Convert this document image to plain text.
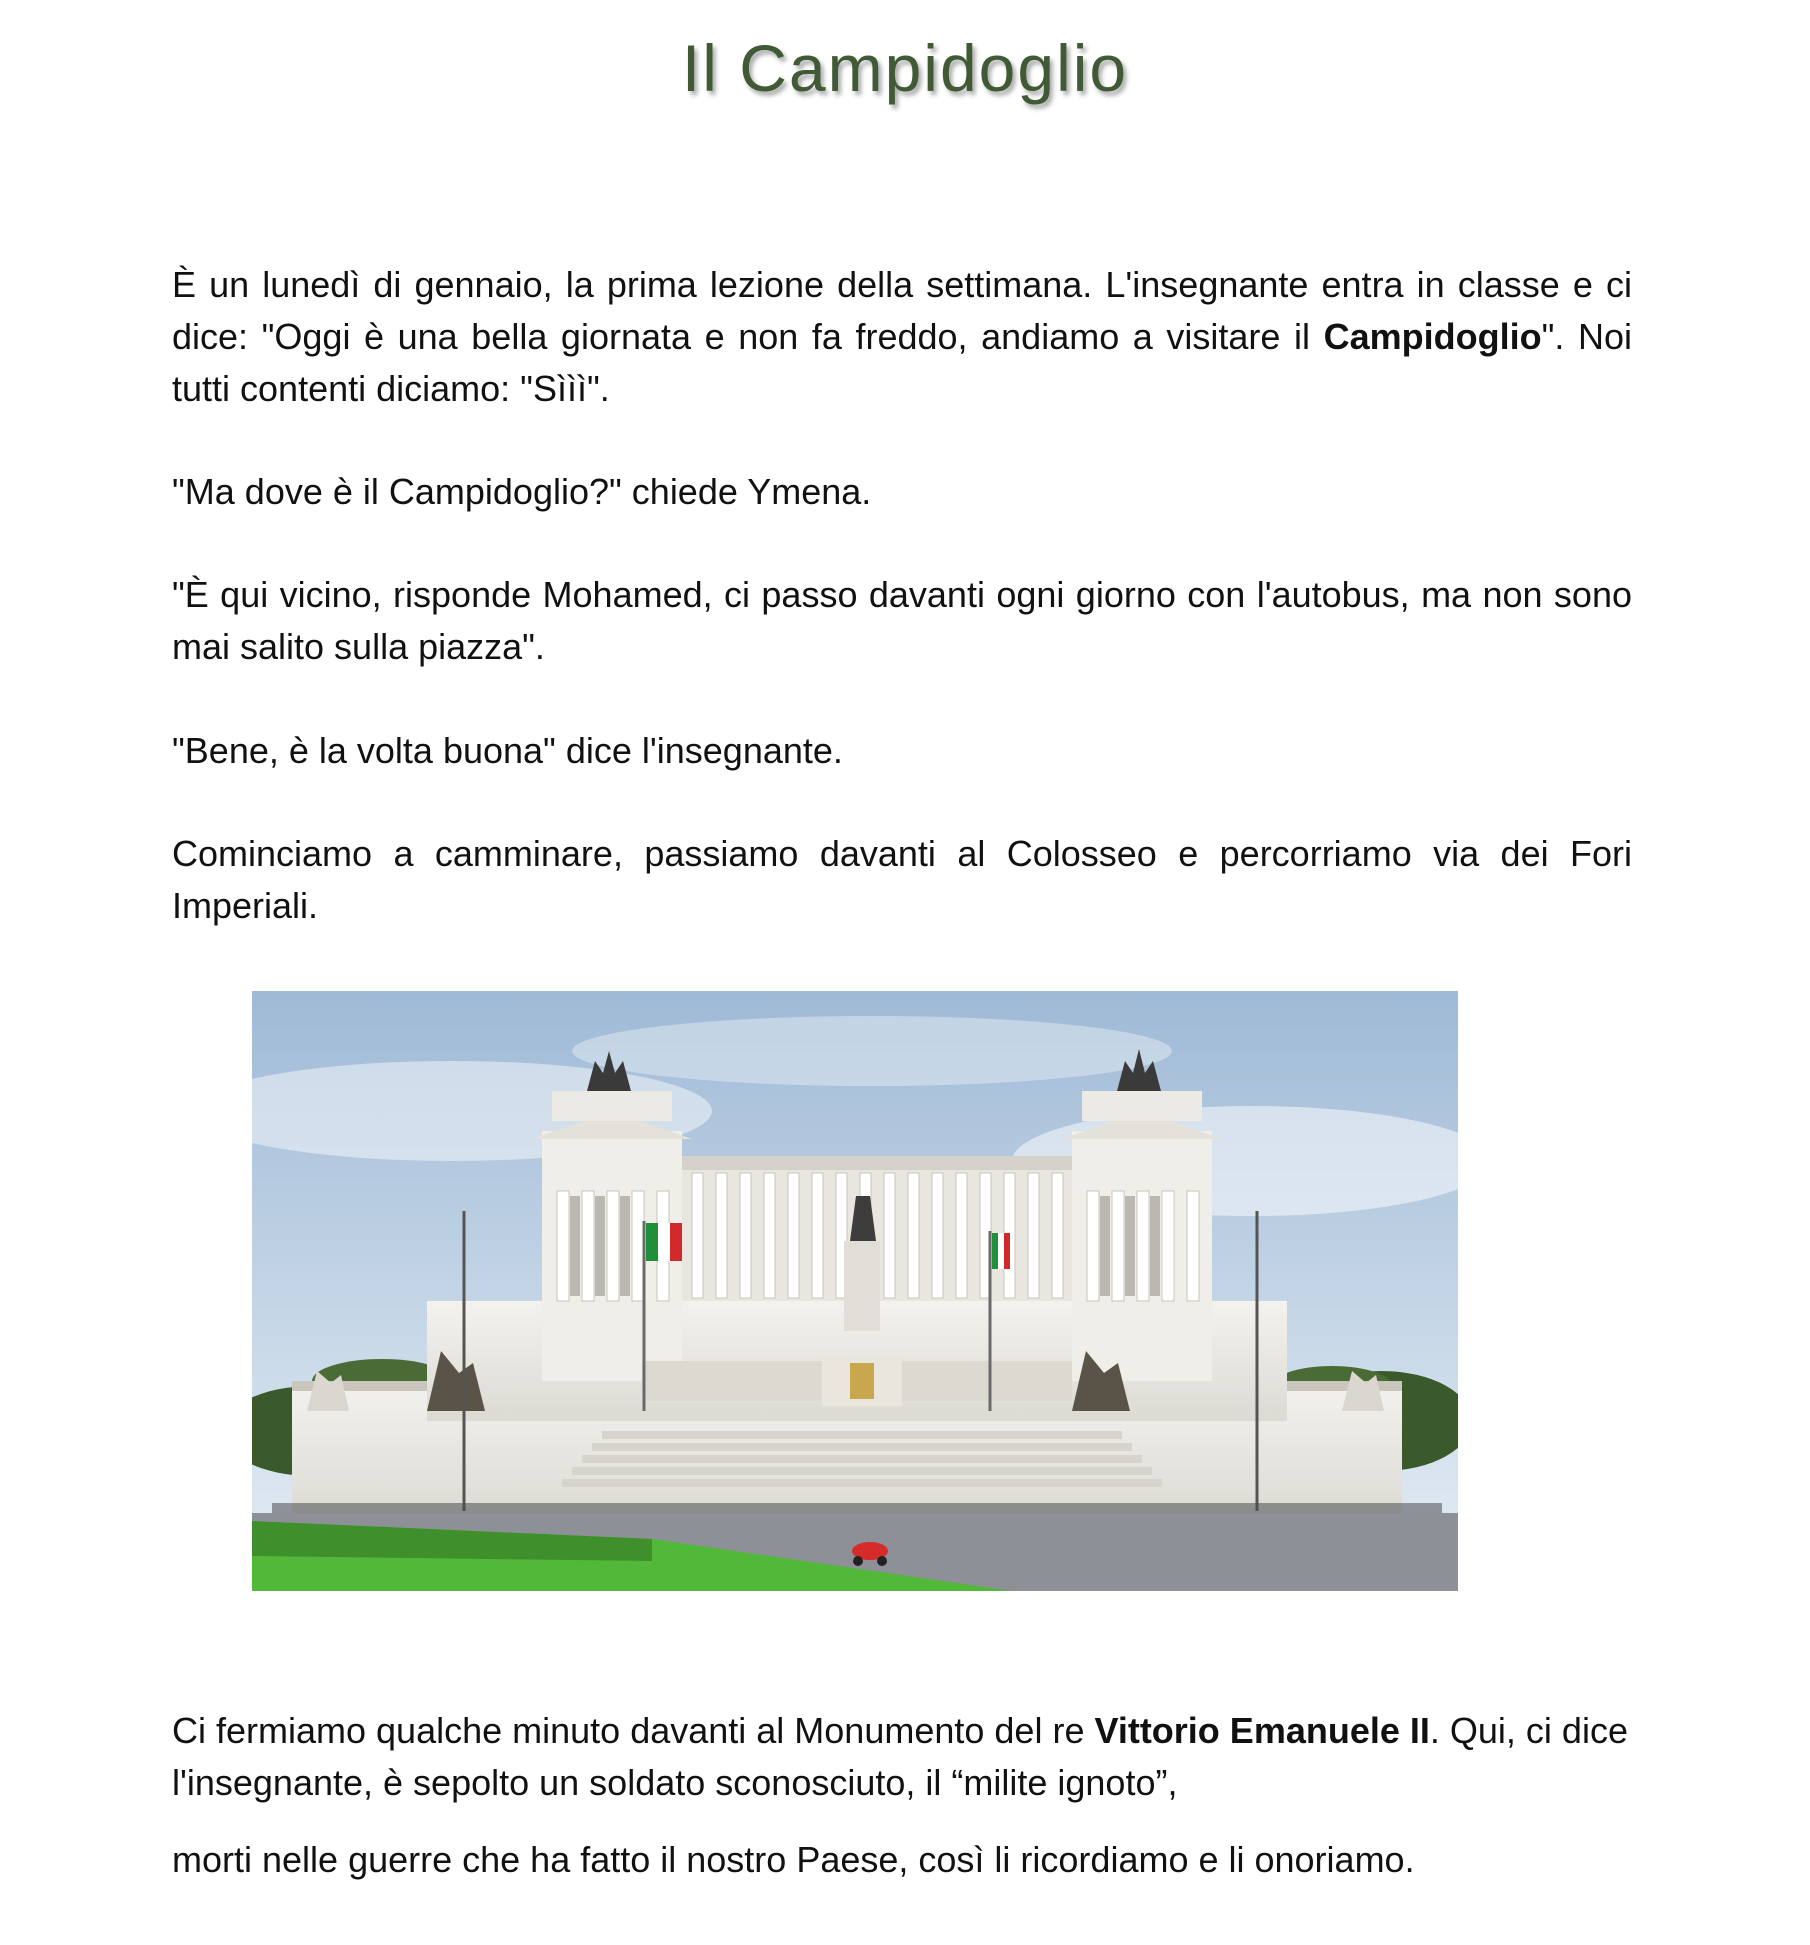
Il Campidoglio

È un lunedì di gennaio, la prima lezione della settimana. L'insegnante entra in classe e ci dice: "Oggi è una bella giornata e non fa freddo, andiamo a visitare il Campidoglio". Noi tutti contenti diciamo: "Sììì".

"Ma dove è il Campidoglio?" chiede Ymena.

"È qui vicino, risponde Mohamed, ci passo davanti ogni giorno con l'autobus, ma non sono mai salito sulla piazza".

"Bene, è la volta buona" dice l'insegnante.

Cominciamo a camminare, passiamo davanti al Colosseo e percorriamo via dei Fori Imperiali.

Ci fermiamo qualche minuto davanti al Monumento del re Vittorio Emanuele II. Qui, ci dice l'insegnante, è sepolto un soldato sconosciuto, il “milite ignoto”,

morti nelle guerre che ha fatto il nostro Paese, così li ricordiamo e li onoriamo.
